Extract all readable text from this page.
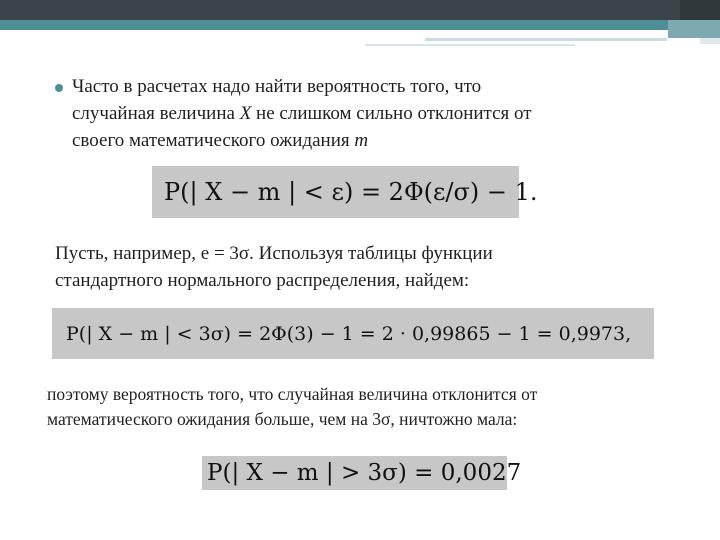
Часто в расчетах надо найти вероятность того, что
случайная величина X не слишком сильно отклонится от
своего математического ожидания m
P(| X − m | < ε) = 2Φ(ε/σ) − 1.
Пусть, например, e = 3σ. Используя таблицы функции
стандартного нормального распределения, найдем:
P(| X − m | < 3σ) = 2Φ(3) − 1 = 2 · 0,99865 − 1 = 0,9973,
поэтому вероятность того, что случайная величина отклонится от
математического ожидания больше, чем на 3σ, ничтожно мала:
P(| X − m | > 3σ) = 0,0027
